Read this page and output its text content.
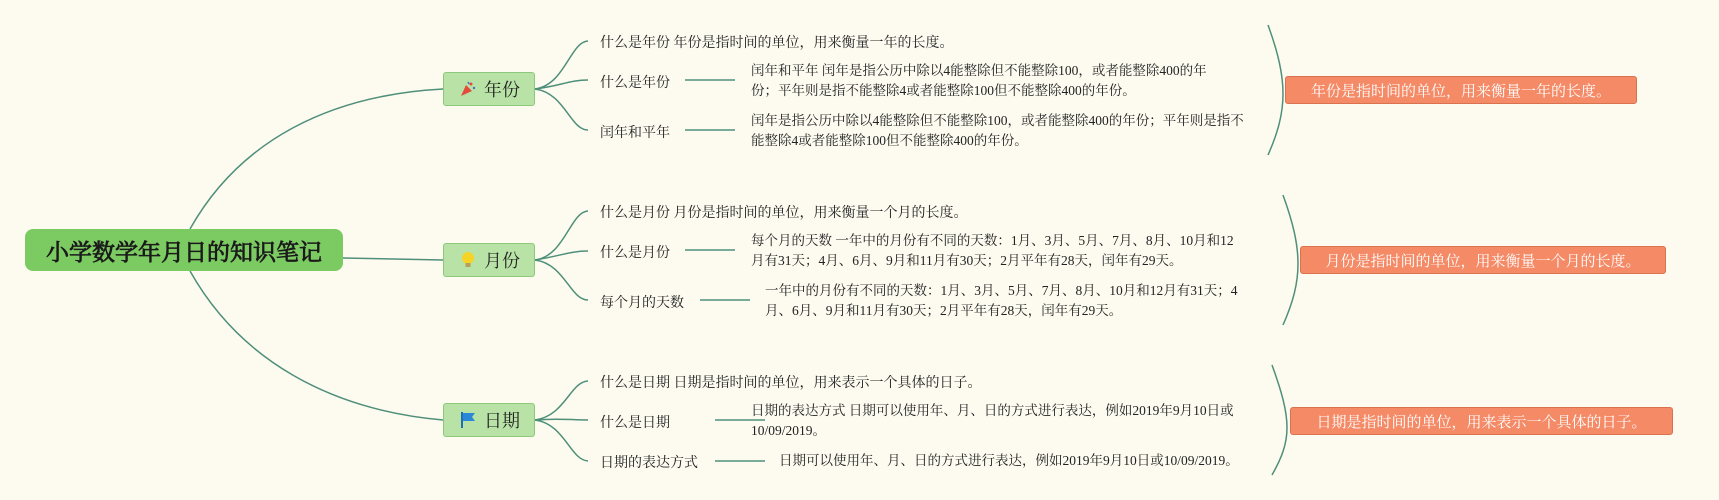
小学数学年月日的知识笔记
年份
什么是年份 年份是指时间的单位，用来衡量一年的长度。
什么是年份
闰年和平年 闰年是指公历中除以4能整除但不能整除100，或者能整除400的年份；平年则是指不能整除4或者能整除100但不能整除400的年份。
闰年和平年
闰年是指公历中除以4能整除但不能整除100，或者能整除400的年份；平年则是指不能整除4或者能整除100但不能整除400的年份。
年份是指时间的单位，用来衡量一年的长度。
月份
什么是月份 月份是指时间的单位，用来衡量一个月的长度。
什么是月份
每个月的天数 一年中的月份有不同的天数：1月、3月、5月、7月、8月、10月和12月有31天；4月、6月、9月和11月有30天；2月平年有28天，闰年有29天。
每个月的天数
一年中的月份有不同的天数：1月、3月、5月、7月、8月、10月和12月有31天；4月、6月、9月和11月有30天；2月平年有28天，闰年有29天。
月份是指时间的单位，用来衡量一个月的长度。
日期
什么是日期 日期是指时间的单位，用来表示一个具体的日子。
什么是日期
日期的表达方式 日期可以使用年、月、日的方式进行表达，例如2019年9月10日或10/09/2019。
日期的表达方式	日期可以使用年、月、日的方式进行表达，例如2019年9月10日或10/09/2019。
日期是指时间的单位，用来表示一个具体的日子。
